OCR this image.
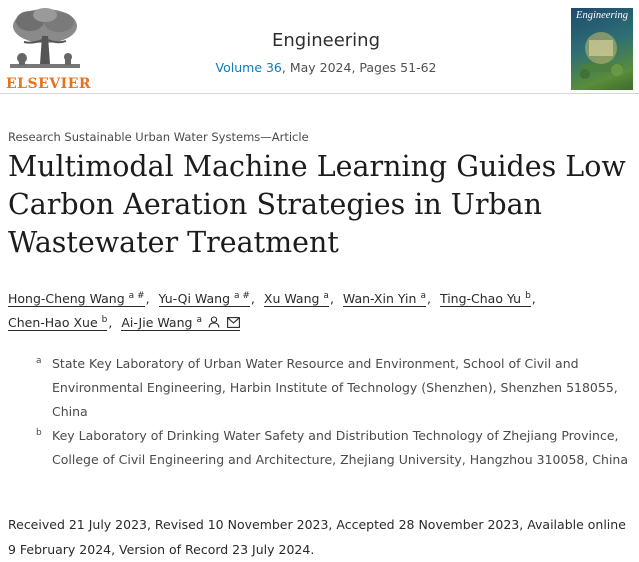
ELSEVIER
Engineering
Volume 36, May 2024, Pages 51-62
Engineering
Research Sustainable Urban Water Systems—Article
Multimodal Machine Learning Guides Low Carbon Aeration Strategies in Urban Wastewater Treatment
Hong-Cheng Wang $^{a \#}$, Yu-Qi Wang $^{a \#}$, Xu Wang $^a$, Wan-Xin Yin $^a$, Ting-Chao Yu $^b$, Chen-Hao Xue $^b$, Ai-Jie Wang $^a$

a State Key Laboratory of Urban Water Resource and Environment, School of Civil and Environmental Engineering, Harbin Institute of Technology (Shenzhen), Shenzhen 518055, China

b Key Laboratory of Drinking Water Safety and Distribution Technology of Zhejiang Province, College of Civil Engineering and Architecture, Zhejiang University, Hangzhou 310058, China

Received 21 July 2023, Revised 10 November 2023, Accepted 28 November 2023, Available online 9 February 2024, Version of Record 23 July 2024.
